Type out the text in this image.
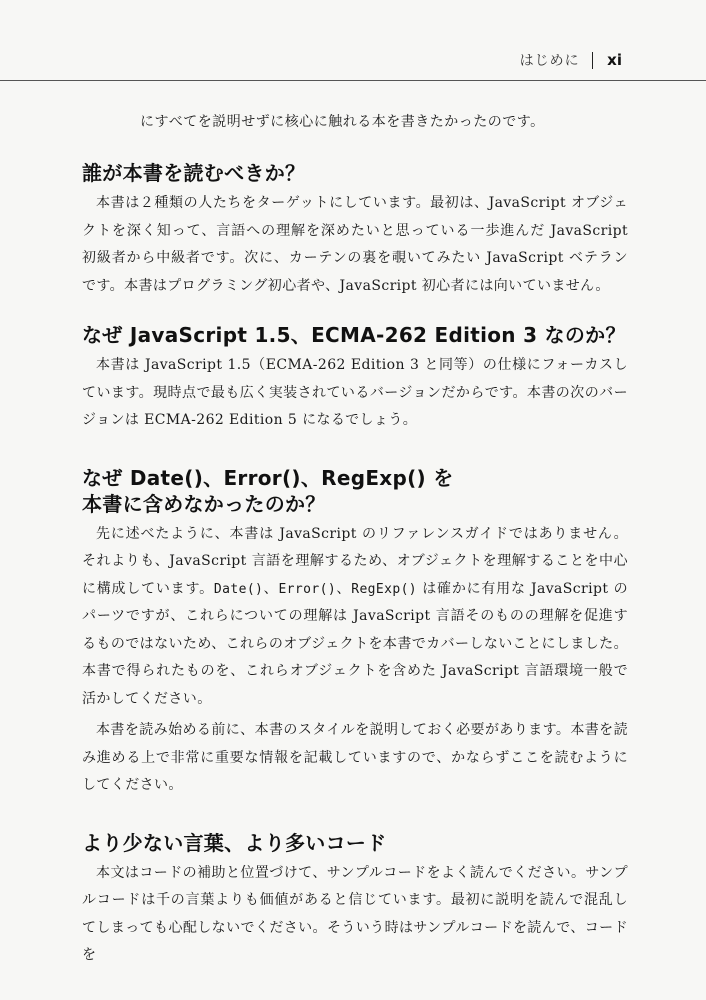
はじめに xi

にすべてを説明せずに核心に触れる本を書きたかったのです。

誰が本書を読むべきか？

本書は２種類の人たちをターゲットにしています。最初は、JavaScript オブジェクトを深く知って、言語への理解を深めたいと思っている一歩進んだ JavaScript 初級者から中級者です。次に、カーテンの裏を覗いてみたい JavaScript ベテランです。本書はプログラミング初心者や、JavaScript 初心者には向いていません。

なぜ JavaScript 1.5、ECMA-262 Edition 3 なのか？

本書は JavaScript 1.5（ECMA-262 Edition 3 と同等）の仕様にフォーカスしています。現時点で最も広く実装されているバージョンだからです。本書の次のバージョンは ECMA-262 Edition 5 になるでしょう。

なぜ Date()、Error()、RegExp() を
本書に含めなかったのか？

先に述べたように、本書は JavaScript のリファレンスガイドではありません。それよりも、JavaScript 言語を理解するため、オブジェクトを理解することを中心に構成しています。Date()、Error()、RegExp() は確かに有用な JavaScript のパーツですが、これらについての理解は JavaScript 言語そのものの理解を促進するものではないため、これらのオブジェクトを本書でカバーしないことにしました。本書で得られたものを、これらオブジェクトを含めた JavaScript 言語環境一般で活かしてください。

本書を読み始める前に、本書のスタイルを説明しておく必要があります。本書を読み進める上で非常に重要な情報を記載していますので、かならずここを読むようにしてください。

より少ない言葉、より多いコード

本文はコードの補助と位置づけて、サンプルコードをよく読んでください。サンプルコードは千の言葉よりも価値があると信じています。最初に説明を読んで混乱してしまっても心配しないでください。そういう時はサンプルコードを読んで、コードを
